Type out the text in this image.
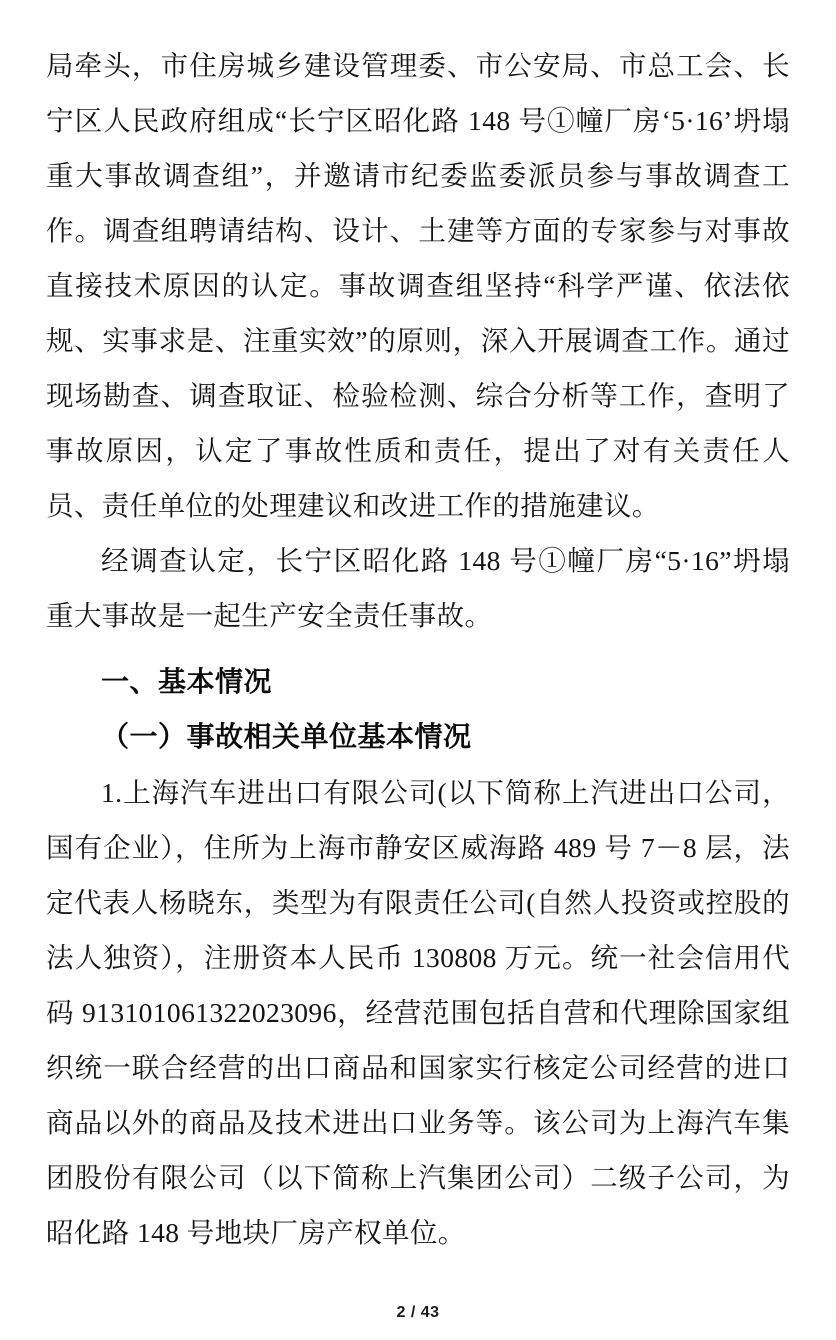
局牵头，市住房城乡建设管理委、市公安局、市总工会、长宁区人民政府组成“长宁区昭化路 148 号①幢厂房‘5·16’坍塌重大事故调查组”，并邀请市纪委监委派员参与事故调查工作。调查组聘请结构、设计、土建等方面的专家参与对事故直接技术原因的认定。事故调查组坚持“科学严谨、依法依规、实事求是、注重实效”的原则，深入开展调查工作。通过现场勘查、调查取证、检验检测、综合分析等工作，查明了事故原因，认定了事故性质和责任，提出了对有关责任人员、责任单位的处理建议和改进工作的措施建议。

经调查认定，长宁区昭化路 148 号①幢厂房“5·16”坍塌重大事故是一起生产安全责任事故。

一、基本情况
（一）事故相关单位基本情况

1.上海汽车进出口有限公司(以下简称上汽进出口公司，国有企业），住所为上海市静安区威海路 489 号 7－8 层，法定代表人杨晓东，类型为有限责任公司(自然人投资或控股的法人独资），注册资本人民币 130808 万元。统一社会信用代码 913101061322023096，经营范围包括自营和代理除国家组织统一联合经营的出口商品和国家实行核定公司经营的进口商品以外的商品及技术进出口业务等。该公司为上海汽车集团股份有限公司（以下简称上汽集团公司）二级子公司，为昭化路 148 号地块厂房产权单位。

2 / 43
